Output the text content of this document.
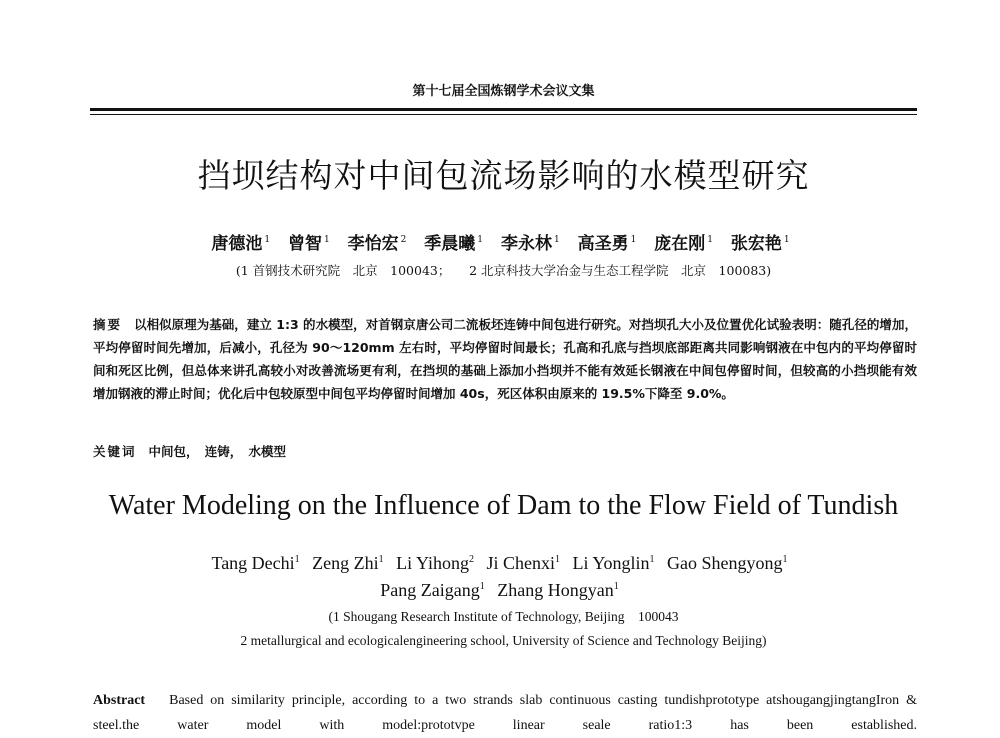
第十七届全国炼钢学术会议文集
挡坝结构对中间包流场影响的水模型研究
唐德池 $^1$ 曾智 $^1$ 李怡宏 $^2$ 季晨曦 $^1$ 李永林 $^1$ 高圣勇 $^1$ 庞在刚 $^1$ 张宏艳 $^1$
(1 首钢技术研究院　北京　100043；　　2 北京科技大学冶金与生态工程学院　北京　100083)
摘要 以相似原理为基础，建立 1:3 的水模型，对首钢京唐公司二流板坯连铸中间包进行研究。对挡坝孔大小及位置优化试验表明：随孔径的增加，平均停留时间先增加，后减小，孔径为 90～120mm 左右时，平均停留时间最长；孔高和孔底与挡坝底部距离共同影响钢液在中包内的平均停留时间和死区比例，但总体来讲孔高较小对改善流场更有利，在挡坝的基础上添加小挡坝并不能有效延长钢液在中间包停留时间，但较高的小挡坝能有效增加钢液的滞止时间；优化后中包较原型中间包平均停留时间增加 40s，死区体积由原来的 19.5%下降至 9.0%。
关键词 中间包，　连铸，　水模型
Water Modeling on the Influence of Dam to the Flow Field of Tundish
Tang Dechi$^1$ Zeng Zhi$^1$ Li Yihong$^2$ Ji Chenxi$^1$ Li Yonglin$^1$ Gao Shengyong$^1$
Pang Zaigang$^1$ Zhang Hongyan$^1$
(1 Shougang Research Institute of Technology, Beijing　100043
2 metallurgical and ecologicalengineering school, University of Science and Technology Beijing)
Abstract Based on similarity principle, according to a two strands slab continuous casting tundishprototype atshougangjingtangIron & steel.the water model with model:prototvpe linear seale ratio1:3 has been established.
